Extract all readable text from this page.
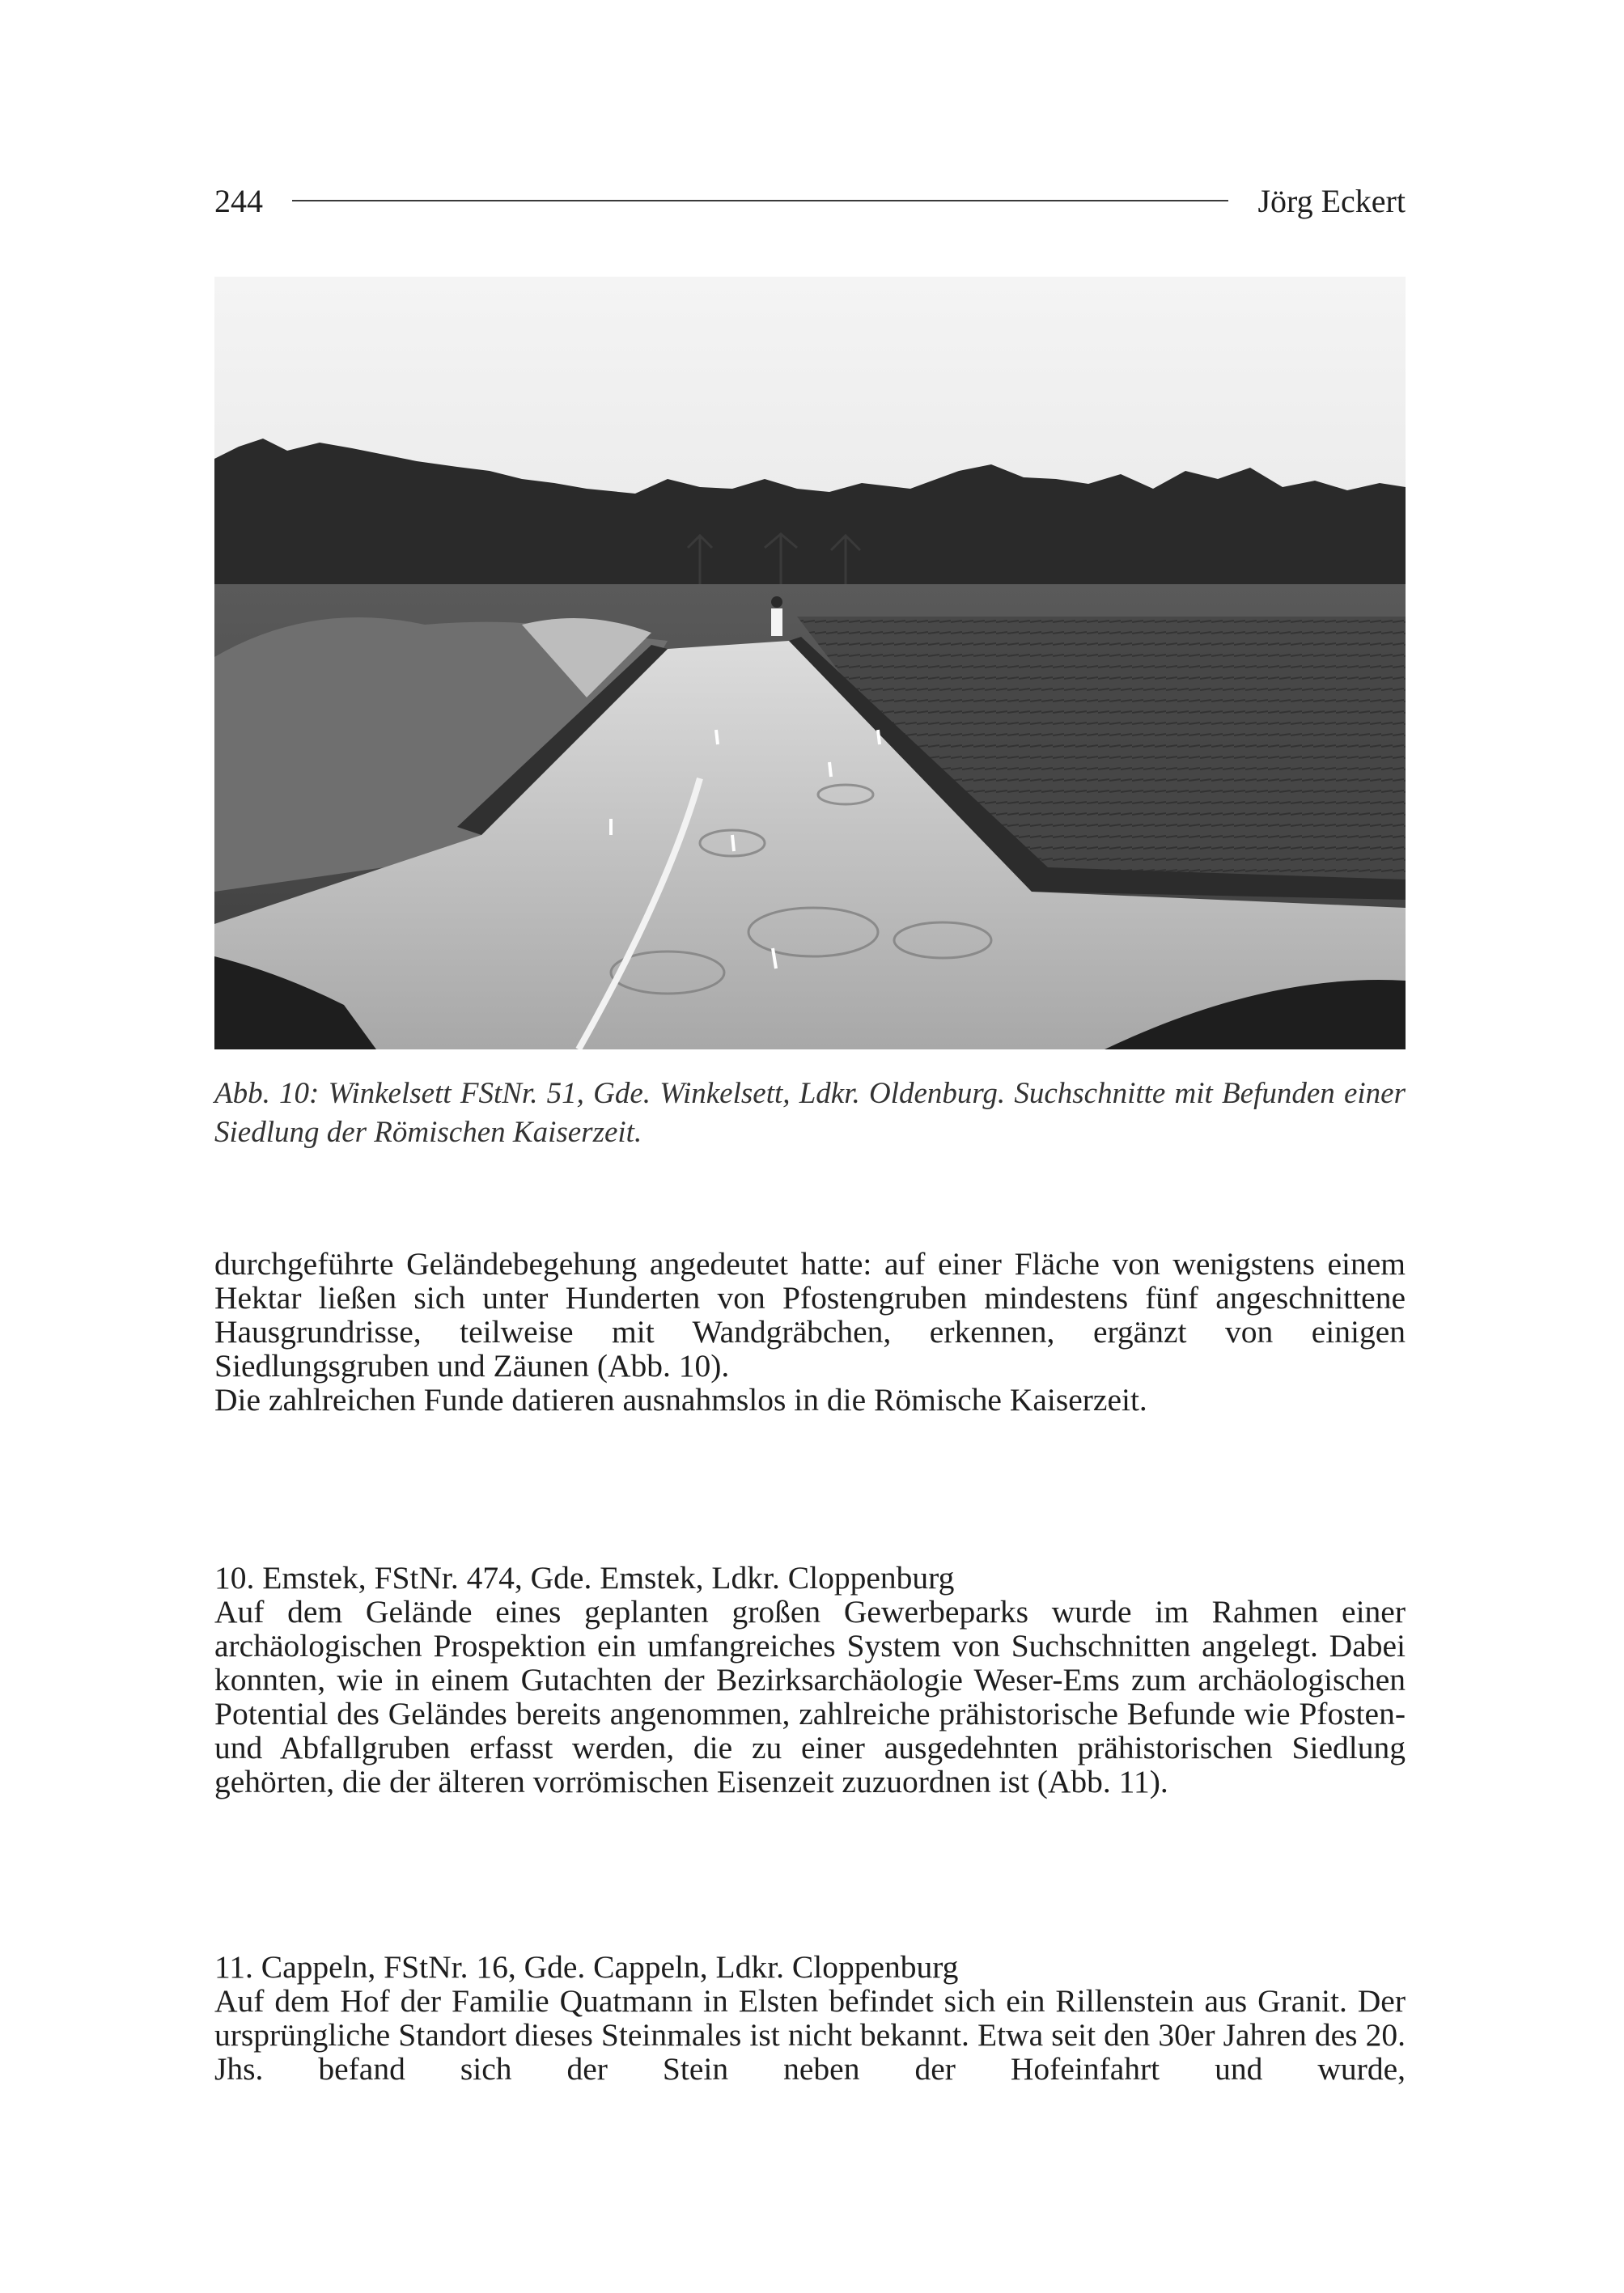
244	Jörg Eckert
Abb. 10: Winkelsett FStNr. 51, Gde. Winkelsett, Ldkr. Oldenburg. Suchschnitte mit Befunden einer Siedlung der Römischen Kaiserzeit.

durchgeführte Geländebegehung angedeutet hatte: auf einer Fläche von wenigstens einem Hektar ließen sich unter Hunderten von Pfostengruben mindestens fünf angeschnittene Hausgrundrisse, teilweise mit Wandgräbchen, erkennen, ergänzt von einigen Siedlungsgruben und Zäunen (Abb. 10).

Die zahlreichen Funde datieren ausnahmslos in die Römische Kaiserzeit.

10. Emstek, FStNr. 474, Gde. Emstek, Ldkr. Cloppenburg

Auf dem Gelände eines geplanten großen Gewerbeparks wurde im Rahmen einer archäologischen Prospektion ein umfangreiches System von Suchschnitten angelegt. Dabei konnten, wie in einem Gutachten der Bezirksarchäologie Weser-Ems zum archäologischen Potential des Geländes bereits angenommen, zahlreiche prähistorische Befunde wie Pfosten- und Abfallgruben erfasst werden, die zu einer ausgedehnten prähistorischen Siedlung gehörten, die der älteren vorrömischen Eisenzeit zuzuordnen ist (Abb. 11).

11. Cappeln, FStNr. 16, Gde. Cappeln, Ldkr. Cloppenburg

Auf dem Hof der Familie Quatmann in Elsten befindet sich ein Rillenstein aus Granit. Der ursprüngliche Standort dieses Steinmales ist nicht bekannt. Etwa seit den 30er Jahren des 20. Jhs. befand sich der Stein neben der Hofeinfahrt und wurde,
